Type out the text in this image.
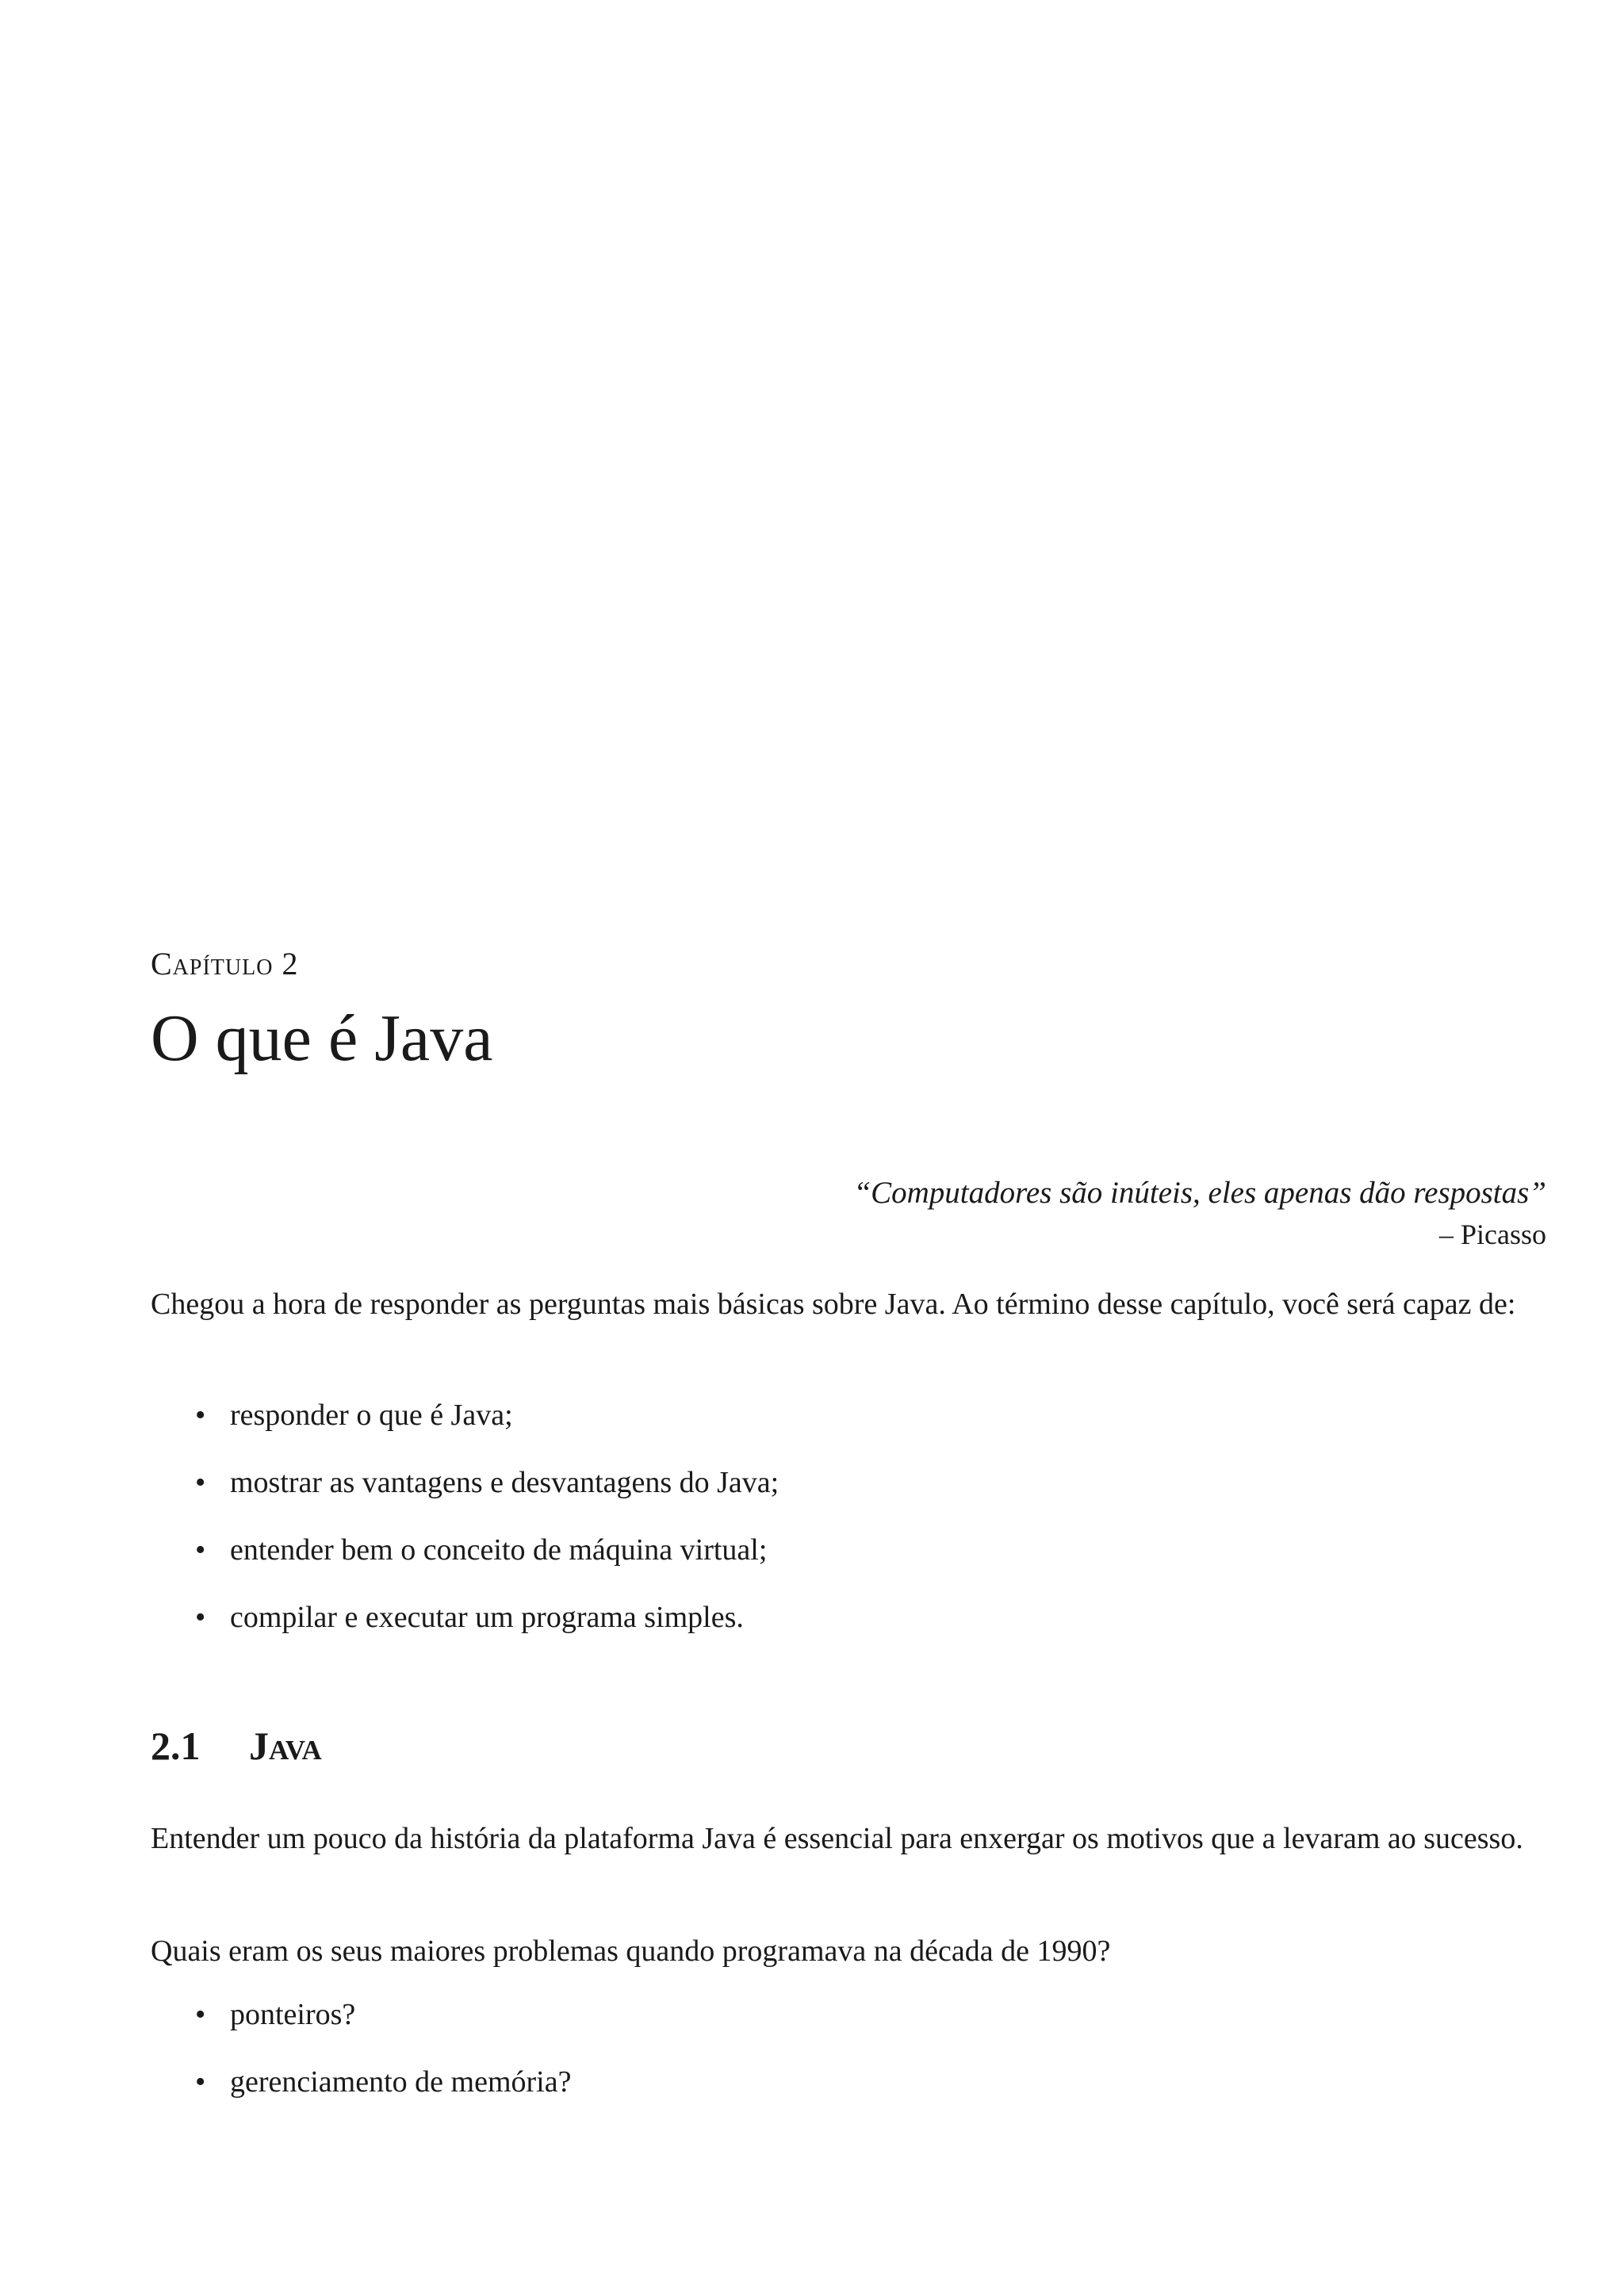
Capítulo 2
O que é Java
“Computadores são inúteis, eles apenas dão respostas”
– Picasso

Chegou a hora de responder as perguntas mais básicas sobre Java. Ao término desse capítulo, você será capaz de:

• responder o que é Java;
• mostrar as vantagens e desvantagens do Java;
• entender bem o conceito de máquina virtual;
• compilar e executar um programa simples.
2.1 Java

Entender um pouco da história da plataforma Java é essencial para enxergar os motivos que a levaram ao sucesso.

Quais eram os seus maiores problemas quando programava na década de 1990?

• ponteiros?
• gerenciamento de memória?
